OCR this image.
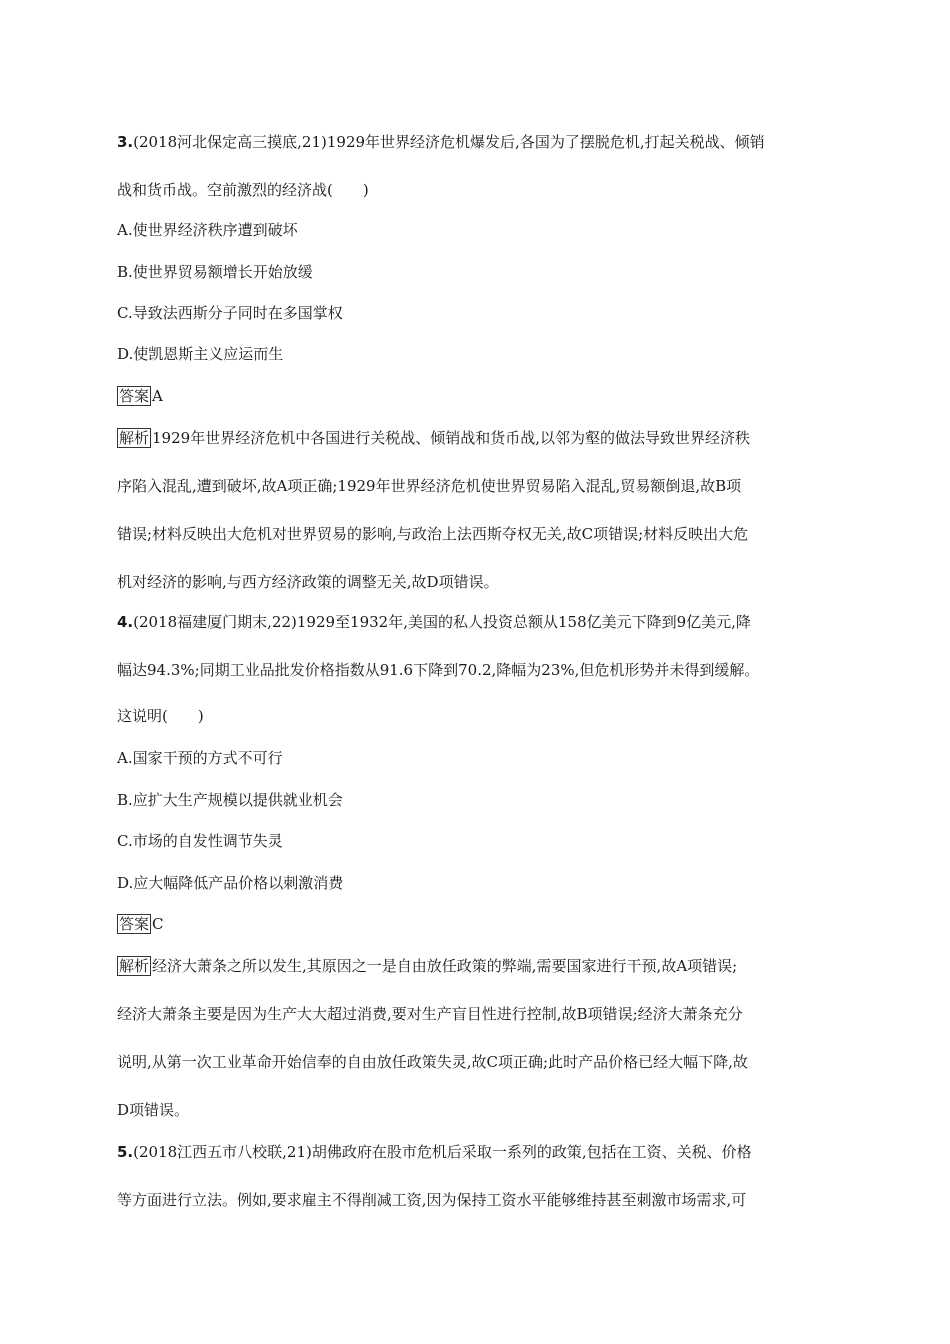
3.(2018河北保定高三摸底,21)1929年世界经济危机爆发后,各国为了摆脱危机,打起关税战、倾销
战和货币战。空前激烈的经济战(　　)
A.使世界经济秩序遭到破坏
B.使世界贸易额增长开始放缓
C.导致法西斯分子同时在多国掌权
D.使凯恩斯主义应运而生
答案 A
解析 1929年世界经济危机中各国进行关税战、倾销战和货币战,以邻为壑的做法导致世界经济秩
序陷入混乱,遭到破坏,故A项正确;1929年世界经济危机使世界贸易陷入混乱,贸易额倒退,故B项
错误;材料反映出大危机对世界贸易的影响,与政治上法西斯夺权无关,故C项错误;材料反映出大危
机对经济的影响,与西方经济政策的调整无关,故D项错误。
4.(2018福建厦门期末,22)1929至1932年,美国的私人投资总额从158亿美元下降到9亿美元,降
幅达94.3%;同期工业品批发价格指数从91.6下降到70.2,降幅为23%,但危机形势并未得到缓解。
这说明(　　)
A.国家干预的方式不可行
B.应扩大生产规模以提供就业机会
C.市场的自发性调节失灵
D.应大幅降低产品价格以刺激消费
答案 C
解析 经济大萧条之所以发生,其原因之一是自由放任政策的弊端,需要国家进行干预,故A项错误;
经济大萧条主要是因为生产大大超过消费,要对生产盲目性进行控制,故B项错误;经济大萧条充分
说明,从第一次工业革命开始信奉的自由放任政策失灵,故C项正确;此时产品价格已经大幅下降,故
D项错误。
5.(2018江西五市八校联,21)胡佛政府在股市危机后采取一系列的政策,包括在工资、关税、价格
等方面进行立法。例如,要求雇主不得削减工资,因为保持工资水平能够维持甚至刺激市场需求,可
